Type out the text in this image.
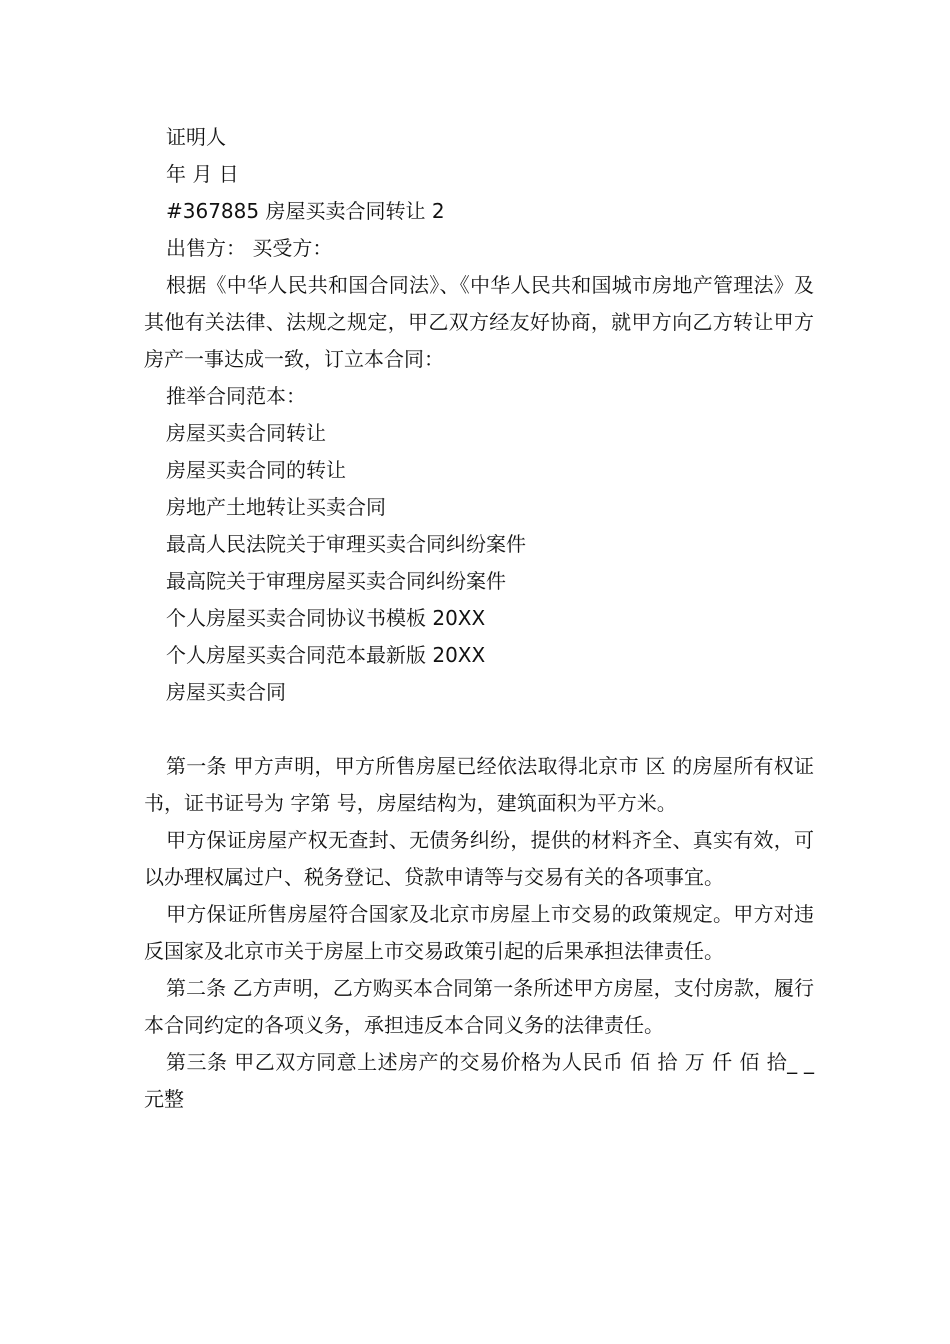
证明人

年 月 日

#367885 房屋买卖合同转让 2

出售方： 买受方：

根据《中华人民共和国合同法》、《中华人民共和国城市房地产管理法》及其他有关法律、法规之规定，甲乙双方经友好协商，就甲方向乙方转让甲方房产一事达成一致，订立本合同：

推举合同范本：

房屋买卖合同转让

房屋买卖合同的转让

房地产土地转让买卖合同

最高人民法院关于审理买卖合同纠纷案件

最高院关于审理房屋买卖合同纠纷案件

个人房屋买卖合同协议书模板 20XX

个人房屋买卖合同范本最新版 20XX

房屋买卖合同

第一条 甲方声明，甲方所售房屋已经依法取得北京市 区 的房屋所有权证书，证书证号为 字第 号，房屋结构为，建筑面积为平方米。

甲方保证房屋产权无查封、无债务纠纷，提供的材料齐全、真实有效，可以办理权属过户、税务登记、贷款申请等与交易有关的各项事宜。

甲方保证所售房屋符合国家及北京市房屋上市交易的政策规定。甲方对违反国家及北京市关于房屋上市交易政策引起的后果承担法律责任。

第二条 乙方声明，乙方购买本合同第一条所述甲方房屋，支付房款，履行本合同约定的各项义务，承担违反本合同义务的法律责任。

第三条 甲乙双方同意上述房产的交易价格为人民币 佰 拾 万 仟 佰 拾_ _元整
